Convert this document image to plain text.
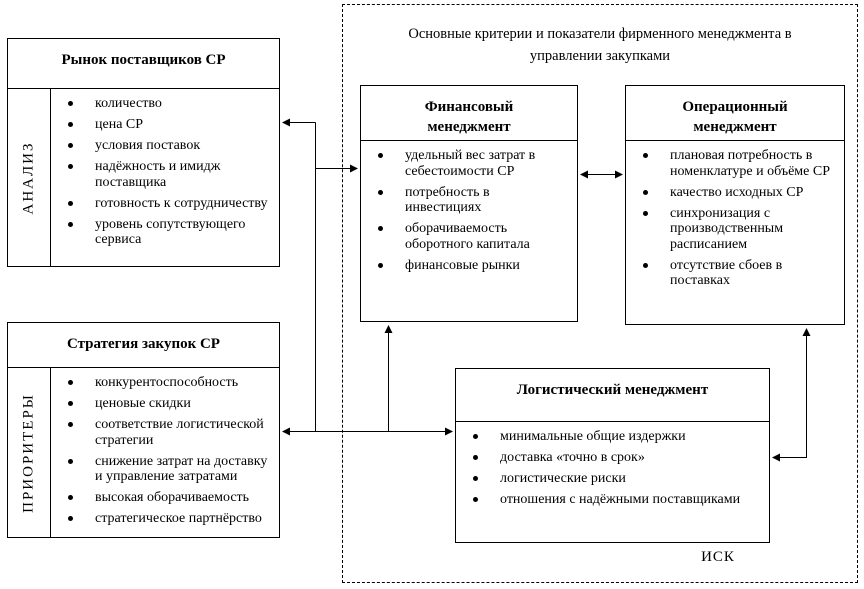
Основные критерии и показатели фирменного менеджмента в управлении закупками
ИСК
Рынок поставщиков СР
АНАЛИЗ
количество
цена СР
условия поставок
надёжность и имидж поставщика
готовность к сотрудничеству
уровень сопутствующего сервиса
Стратегия закупок СР
ПРИОРИТЕРЫ
конкурентоспособность
ценовые скидки
соответствие логистической стратегии
снижение затрат на доставку и управление затратами
высокая оборачиваемость
стратегическое партнёрство
Финансовый менеджмент
удельный вес затрат в себестоимости СР
потребность в инвестициях
оборачиваемость оборотного капитала
финансовые рынки
Операционный менеджмент
плановая потребность в номенклатуре и объёме СР
качество исходных СР
синхронизация с производственным расписанием
отсутствие сбоев в поставках
Логистический менеджмент
минимальные общие издержки
доставка «точно в срок»
логистические риски
отношения с надёжными поставщиками
